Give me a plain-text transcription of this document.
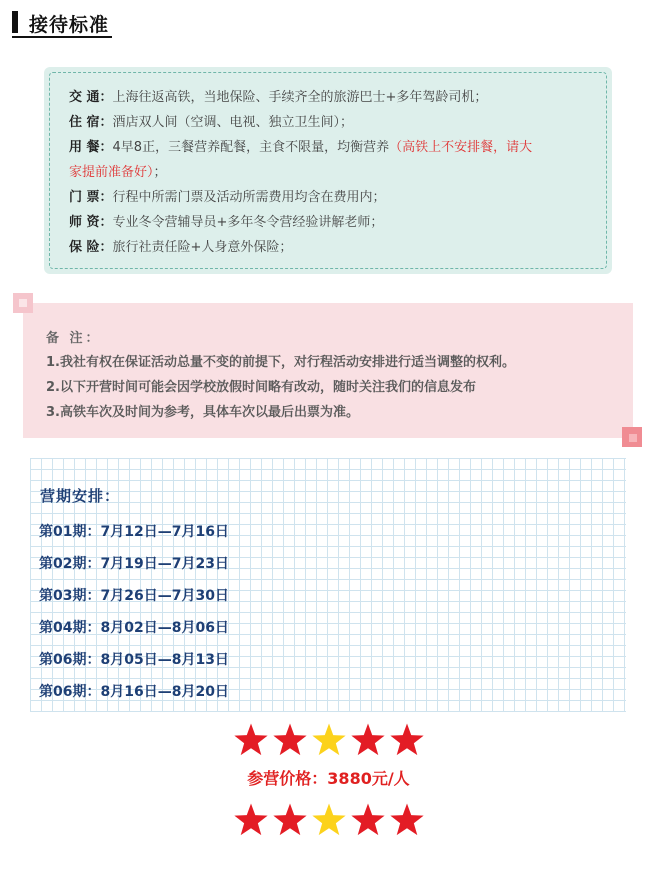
接待标准
交 通：上海往返高铁，当地保险、手续齐全的旅游巴士+多年驾龄司机；
住 宿：酒店双人间（空调、电视、独立卫生间）；
用 餐：4早8正，三餐营养配餐，主食不限量，均衡营养（高铁上不安排餐，请大
家提前准备好）；
门 票：行程中所需门票及活动所需费用均含在费用内；
师 资：专业冬令营辅导员+多年冬令营经验讲解老师；
保 险：旅行社责任险+人身意外保险；
备 注：
1.我社有权在保证活动总量不变的前提下，对行程活动安排进行适当调整的权利。
2.以下开营时间可能会因学校放假时间略有改动，随时关注我们的信息发布
3.高铁车次及时间为参考，具体车次以最后出票为准。
营期安排：
第01期：7月12日—7月16日
第02期：7月19日—7月23日
第03期：7月26日—7月30日
第04期：8月02日—8月06日
第06期：8月05日—8月13日
第06期：8月16日—8月20日
参营价格：3880元/人
